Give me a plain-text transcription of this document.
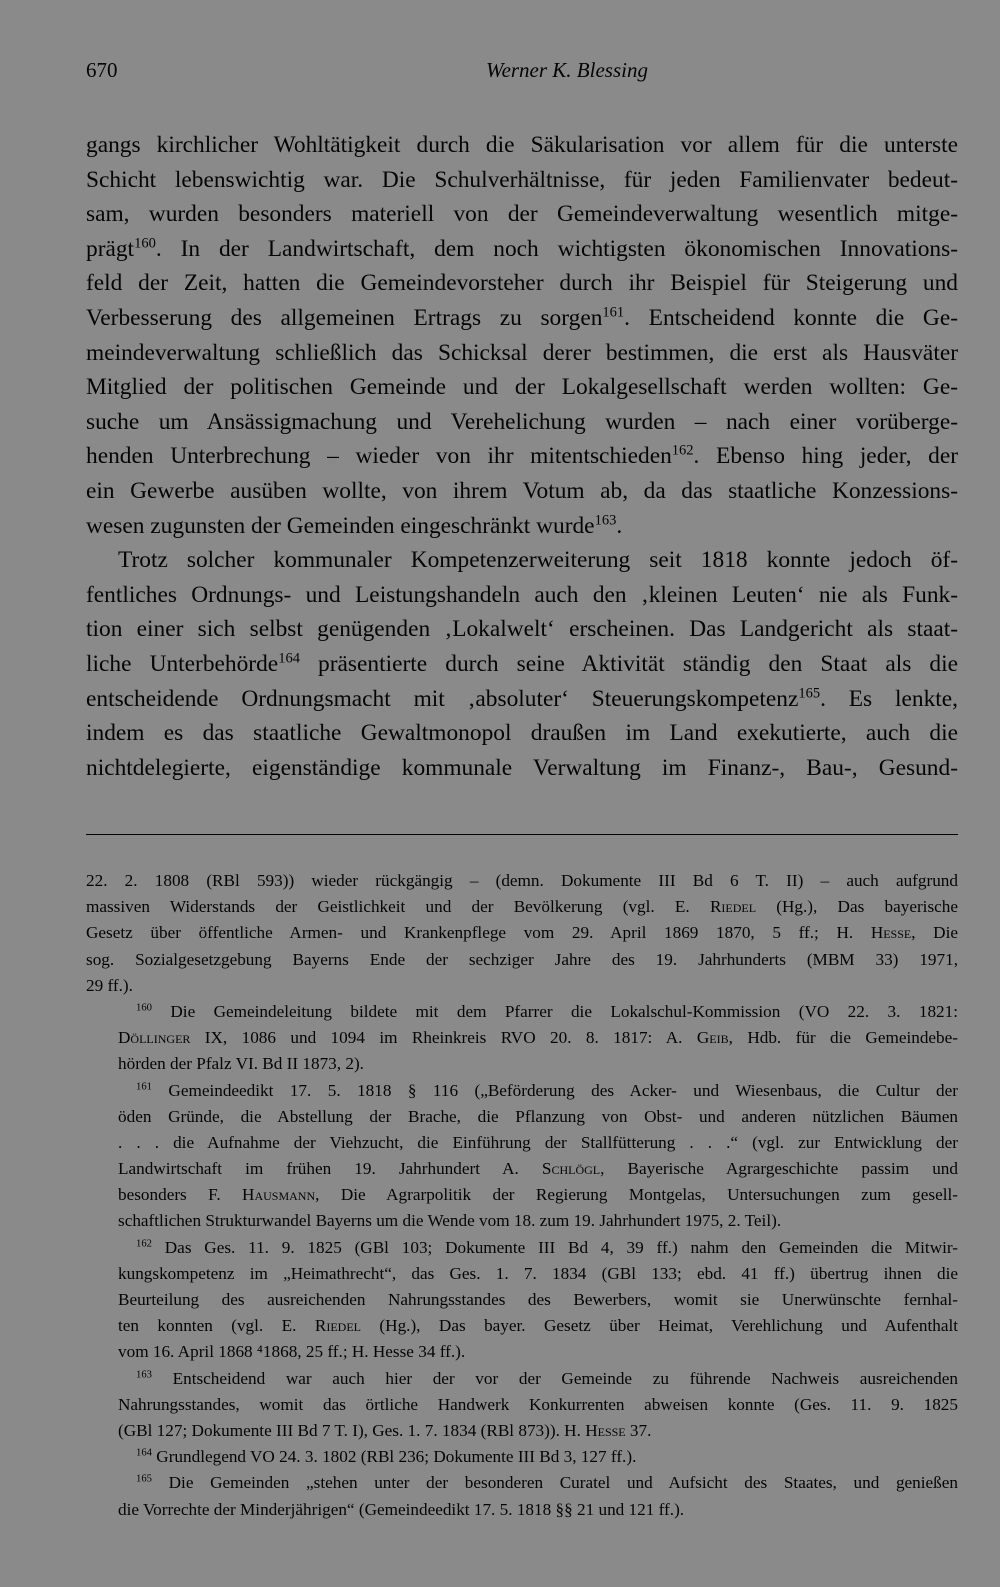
670	Werner K. Blessing

gangs kirchlicher Wohltätigkeit durch die Säkularisation vor allem für die unterste
Schicht lebenswichtig war. Die Schulverhältnisse, für jeden Familienvater bedeut-
sam, wurden besonders materiell von der Gemeindeverwaltung wesentlich mitge-
prägt$^{160}$. In der Landwirtschaft, dem noch wichtigsten ökonomischen Innovations-
feld der Zeit, hatten die Gemeindevorsteher durch ihr Beispiel für Steigerung und
Verbesserung des allgemeinen Ertrags zu sorgen$^{161}$. Entscheidend konnte die Ge-
meindeverwaltung schließlich das Schicksal derer bestimmen, die erst als Hausväter
Mitglied der politischen Gemeinde und der Lokalgesellschaft werden wollten: Ge-
suche um Ansässigmachung und Verehelichung wurden – nach einer vorüberge-
henden Unterbrechung – wieder von ihr mitentschieden$^{162}$. Ebenso hing jeder, der
ein Gewerbe ausüben wollte, von ihrem Votum ab, da das staatliche Konzessions-
wesen zugunsten der Gemeinden eingeschränkt wurde$^{163}$.

Trotz solcher kommunaler Kompetenzerweiterung seit 1818 konnte jedoch öf-
fentliches Ordnungs- und Leistungshandeln auch den ‚kleinen Leuten‘ nie als Funk-
tion einer sich selbst genügenden ‚Lokalwelt‘ erscheinen. Das Landgericht als staat-
liche Unterbehörde$^{164}$ präsentierte durch seine Aktivität ständig den Staat als die
entscheidende Ordnungsmacht mit ‚absoluter‘ Steuerungskompetenz$^{165}$. Es lenkte,
indem es das staatliche Gewaltmonopol draußen im Land exekutierte, auch die
nichtdelegierte, eigenständige kommunale Verwaltung im Finanz-, Bau-, Gesund-

22. 2. 1808 (RBl 593)) wieder rückgängig – (demn. Dokumente III Bd 6 T. II) – auch aufgrund
massiven Widerstands der Geistlichkeit und der Bevölkerung (vgl. E. Riedel (Hg.), Das bayerische
Gesetz über öffentliche Armen- und Krankenpflege vom 29. April 1869 1870, 5 ff.; H. Hesse, Die
sog. Sozialgesetzgebung Bayerns Ende der sechziger Jahre des 19. Jahrhunderts (MBM 33) 1971,
29 ff.).
$^{160}$ Die Gemeindeleitung bildete mit dem Pfarrer die Lokalschul-Kommission (VO 22. 3. 1821:
Döllinger IX, 1086 und 1094 im Rheinkreis RVO 20. 8. 1817: A. Geib, Hdb. für die Gemeindebe-
hörden der Pfalz VI. Bd II 1873, 2).
$^{161}$ Gemeindeedikt 17. 5. 1818 § 116 („Beförderung des Acker- und Wiesenbaus, die Cultur der
öden Gründe, die Abstellung der Brache, die Pflanzung von Obst- und anderen nützlichen Bäumen
. . . die Aufnahme der Viehzucht, die Einführung der Stallfütterung . . .“ (vgl. zur Entwicklung der
Landwirtschaft im frühen 19. Jahrhundert A. Schlögl, Bayerische Agrargeschichte passim und
besonders F. Hausmann, Die Agrarpolitik der Regierung Montgelas, Untersuchungen zum gesell-
schaftlichen Strukturwandel Bayerns um die Wende vom 18. zum 19. Jahrhundert 1975, 2. Teil).
$^{162}$ Das Ges. 11. 9. 1825 (GBl 103; Dokumente III Bd 4, 39 ff.) nahm den Gemeinden die Mitwir-
kungskompetenz im „Heimathrecht“, das Ges. 1. 7. 1834 (GBl 133; ebd. 41 ff.) übertrug ihnen die
Beurteilung des ausreichenden Nahrungsstandes des Bewerbers, womit sie Unerwünschte fernhal-
ten konnten (vgl. E. Riedel (Hg.), Das bayer. Gesetz über Heimat, Verehlichung und Aufenthalt
vom 16. April 1868 ⁴1868, 25 ff.; H. Hesse 34 ff.).
$^{163}$ Entscheidend war auch hier der vor der Gemeinde zu führende Nachweis ausreichenden
Nahrungsstandes, womit das örtliche Handwerk Konkurrenten abweisen konnte (Ges. 11. 9. 1825
(GBl 127; Dokumente III Bd 7 T. I), Ges. 1. 7. 1834 (RBl 873)). H. Hesse 37.
$^{164}$ Grundlegend VO 24. 3. 1802 (RBl 236; Dokumente III Bd 3, 127 ff.).
$^{165}$ Die Gemeinden „stehen unter der besonderen Curatel und Aufsicht des Staates, und genießen
die Vorrechte der Minderjährigen“ (Gemeindeedikt 17. 5. 1818 §§ 21 und 121 ff.).
